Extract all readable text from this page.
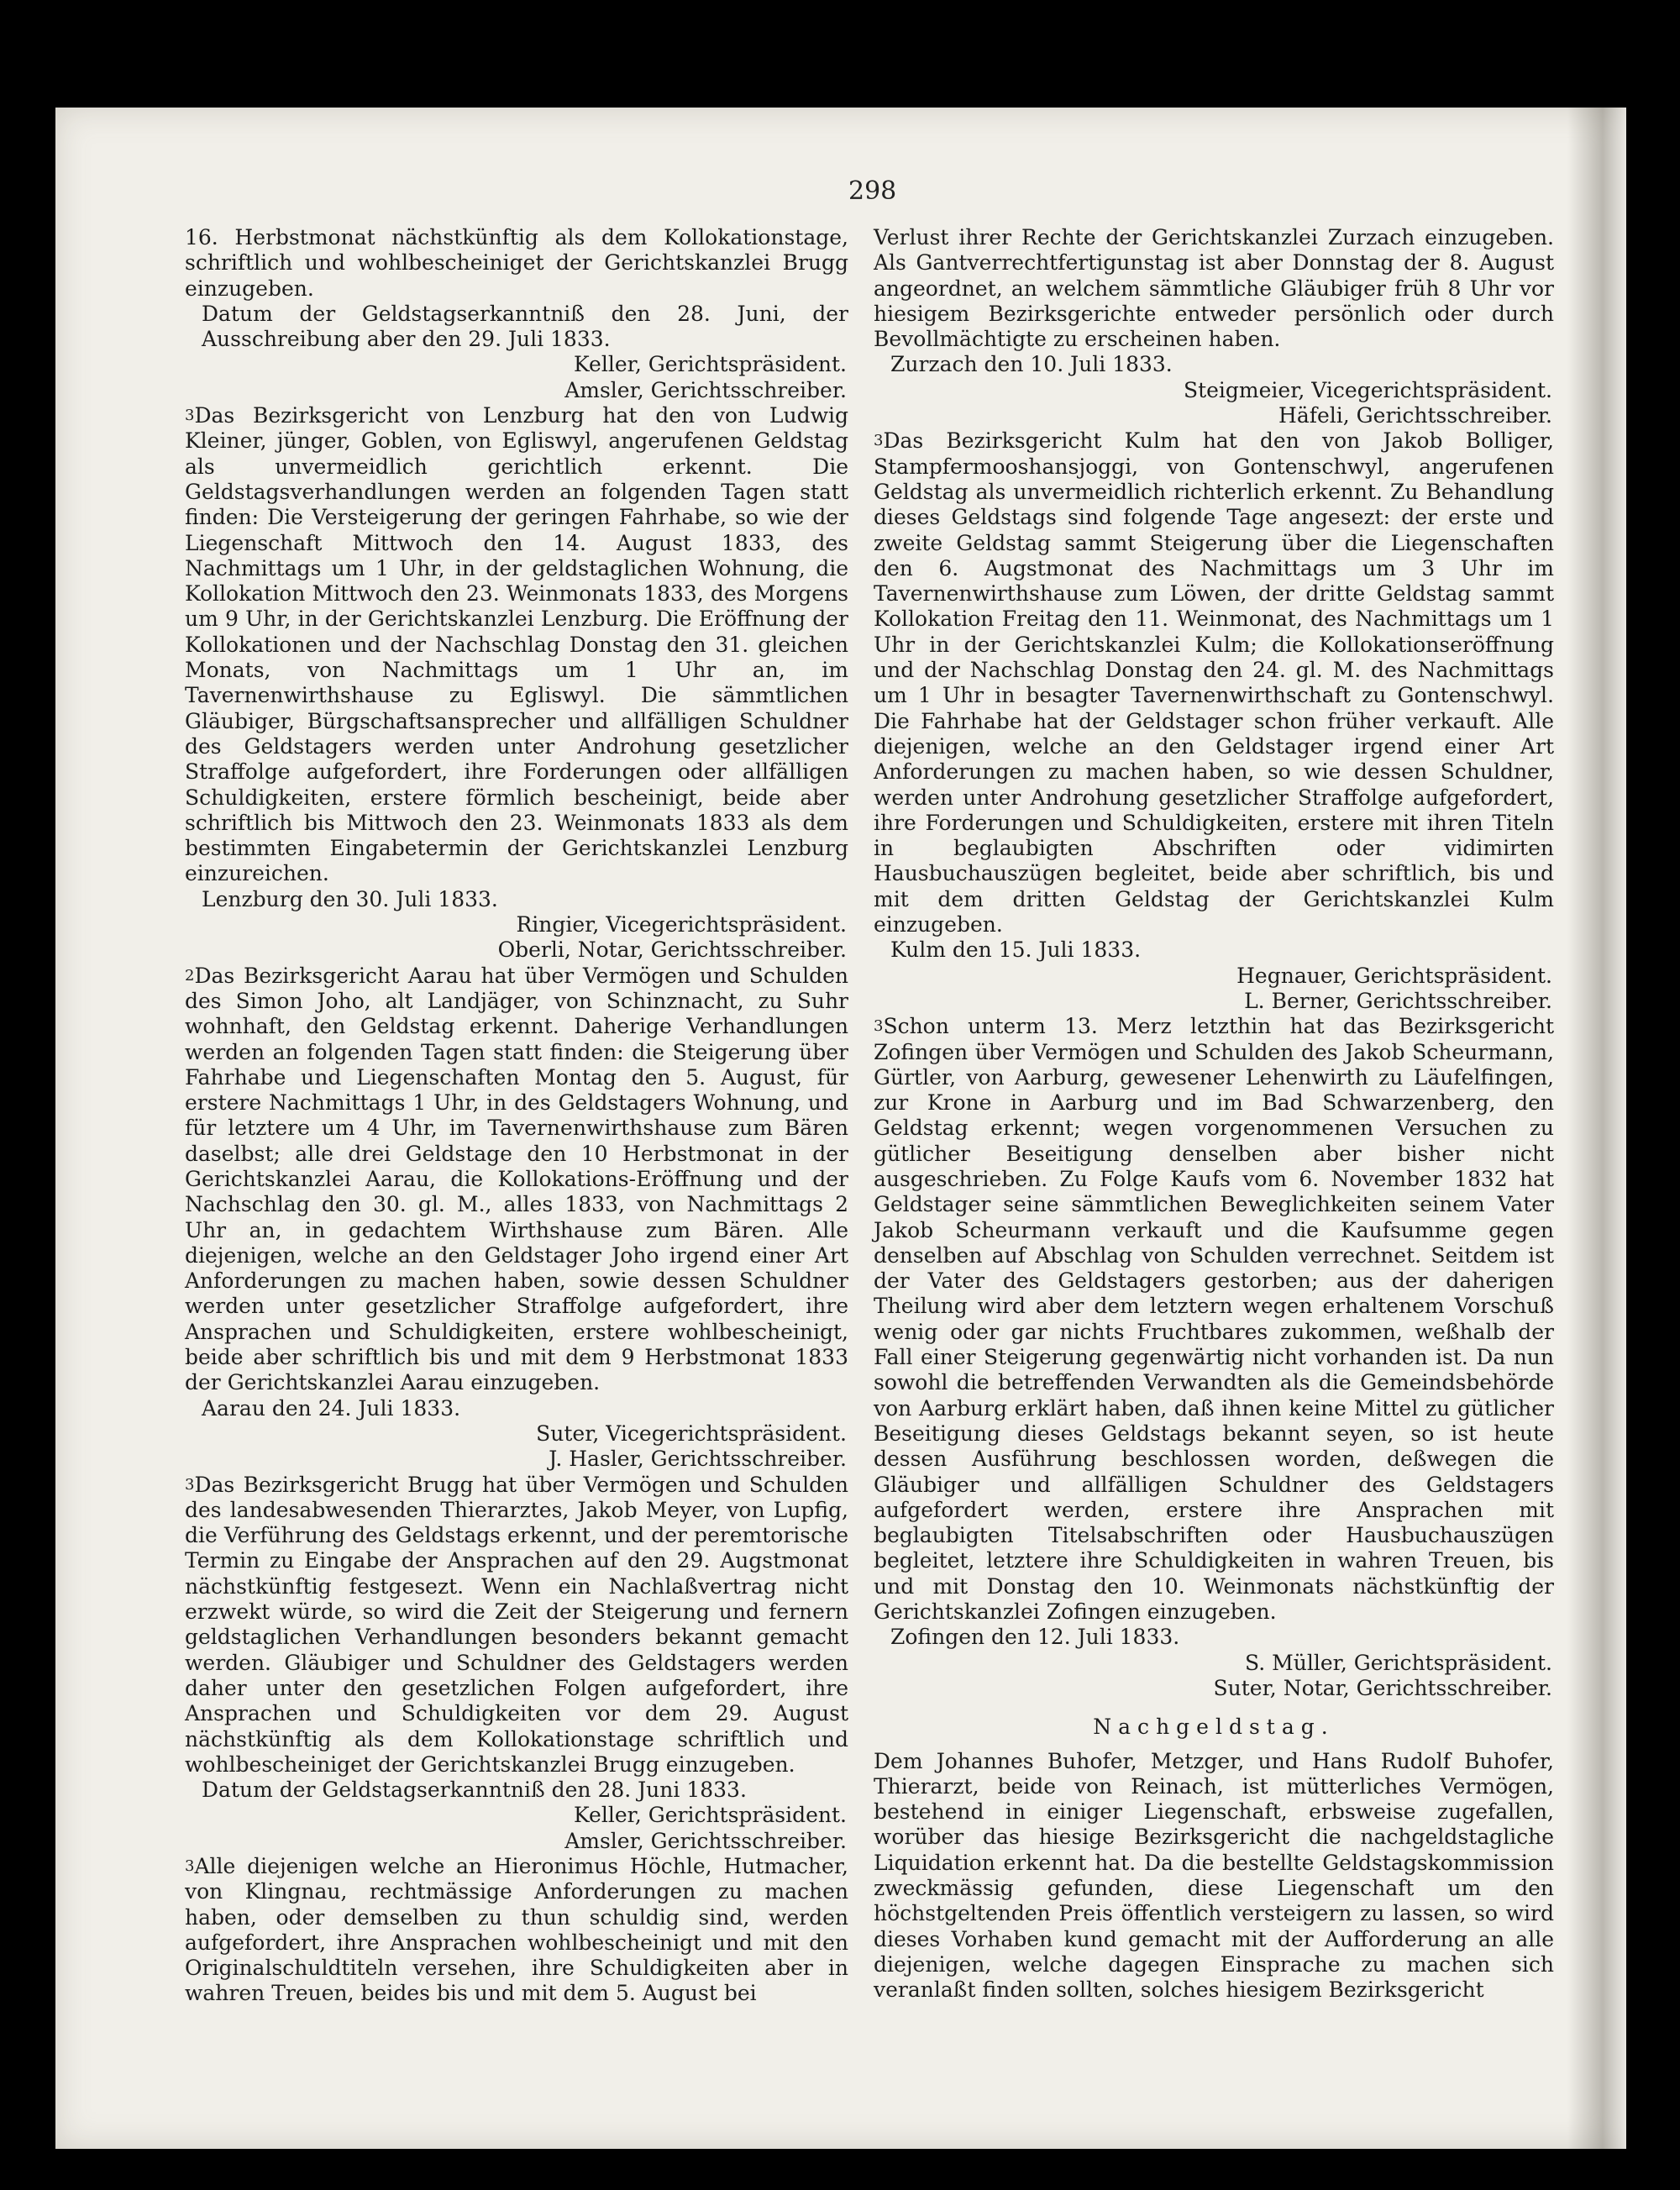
298

16. Herbstmonat nächstkünftig als dem Kollokationstage, schriftlich und wohlbescheiniget der Gerichtskanzlei Brugg einzugeben.

Datum der Geldstagserkanntniß den 28. Juni, der Ausschreibung aber den 29. Juli 1833.

Keller, Gerichtspräsident.
Amsler, Gerichtsschreiber.

$^3$Das Bezirksgericht von Lenzburg hat den von Ludwig Kleiner, jünger, Goblen, von Egliswyl, angerufenen Geldstag als unvermeidlich gerichtlich erkennt. Die Geldstagsverhandlungen werden an folgenden Tagen statt finden: Die Versteigerung der geringen Fahrhabe, so wie der Liegenschaft Mittwoch den 14. August 1833, des Nachmittags um 1 Uhr, in der geldstaglichen Wohnung, die Kollokation Mittwoch den 23. Weinmonats 1833, des Morgens um 9 Uhr, in der Gerichtskanzlei Lenzburg. Die Eröffnung der Kollokationen und der Nachschlag Donstag den 31. gleichen Monats, von Nachmittags um 1 Uhr an, im Tavernenwirthshause zu Egliswyl. Die sämmtlichen Gläubiger, Bürgschaftsansprecher und allfälligen Schuldner des Geldstagers werden unter Androhung gesetzlicher Straffolge aufgefordert, ihre Forderungen oder allfälligen Schuldigkeiten, erstere förmlich bescheinigt, beide aber schriftlich bis Mittwoch den 23. Weinmonats 1833 als dem bestimmten Eingabetermin der Gerichtskanzlei Lenzburg einzureichen.

Lenzburg den 30. Juli 1833.
Ringier, Vicegerichtspräsident.
Oberli, Notar, Gerichtsschreiber.

$^2$Das Bezirksgericht Aarau hat über Vermögen und Schulden des Simon Joho, alt Landjäger, von Schinznacht, zu Suhr wohnhaft, den Geldstag erkennt. Daherige Verhandlungen werden an folgenden Tagen statt finden: die Steigerung über Fahrhabe und Liegenschaften Montag den 5. August, für erstere Nachmittags 1 Uhr, in des Geldstagers Wohnung, und für letztere um 4 Uhr, im Tavernenwirthshause zum Bären daselbst; alle drei Geldstage den 10 Herbstmonat in der Gerichtskanzlei Aarau, die Kollokations-Eröffnung und der Nachschlag den 30. gl. M., alles 1833, von Nachmittags 2 Uhr an, in gedachtem Wirthshause zum Bären. Alle diejenigen, welche an den Geldstager Joho irgend einer Art Anforderungen zu machen haben, sowie dessen Schuldner werden unter gesetzlicher Straffolge aufgefordert, ihre Ansprachen und Schuldigkeiten, erstere wohlbescheinigt, beide aber schriftlich bis und mit dem 9 Herbstmonat 1833 der Gerichtskanzlei Aarau einzugeben.

Aarau den 24. Juli 1833.
Suter, Vicegerichtspräsident.
J. Hasler, Gerichtsschreiber.

$^3$Das Bezirksgericht Brugg hat über Vermögen und Schulden des landesabwesenden Thierarztes, Jakob Meyer, von Lupfig, die Verführung des Geldstags erkennt, und der peremtorische Termin zu Eingabe der Ansprachen auf den 29. Augstmonat nächstkünftig festgesezt. Wenn ein Nachlaßvertrag nicht erzwekt würde, so wird die Zeit der Steigerung und fernern geldstaglichen Verhandlungen besonders bekannt gemacht werden. Gläubiger und Schuldner des Geldstagers werden daher unter den gesetzlichen Folgen aufgefordert, ihre Ansprachen und Schuldigkeiten vor dem 29. August nächstkünftig als dem Kollokationstage schriftlich und wohlbescheiniget der Gerichtskanzlei Brugg einzugeben.

Datum der Geldstagserkanntniß den 28. Juni 1833.
Keller, Gerichtspräsident.
Amsler, Gerichtsschreiber.

$^3$Alle diejenigen welche an Hieronimus Höchle, Hutmacher, von Klingnau, rechtmässige Anforderungen zu machen haben, oder demselben zu thun schuldig sind, werden aufgefordert, ihre Ansprachen wohlbescheinigt und mit den Originalschuldtiteln versehen, ihre Schuldigkeiten aber in wahren Treuen, beides bis und mit dem 5. August bei

Verlust ihrer Rechte der Gerichtskanzlei Zurzach einzugeben. Als Gantverrechtfertigunstag ist aber Donnstag der 8. August angeordnet, an welchem sämmtliche Gläubiger früh 8 Uhr vor hiesigem Bezirksgerichte entweder persönlich oder durch Bevollmächtigte zu erscheinen haben.

Zurzach den 10. Juli 1833.
Steigmeier, Vicegerichtspräsident.
Häfeli, Gerichtsschreiber.

$^3$Das Bezirksgericht Kulm hat den von Jakob Bolliger, Stampfermooshansjoggi, von Gontenschwyl, angerufenen Geldstag als unvermeidlich richterlich erkennt. Zu Behandlung dieses Geldstags sind folgende Tage angesezt: der erste und zweite Geldstag sammt Steigerung über die Liegenschaften den 6. Augstmonat des Nachmittags um 3 Uhr im Tavernenwirthshause zum Löwen, der dritte Geldstag sammt Kollokation Freitag den 11. Weinmonat, des Nachmittags um 1 Uhr in der Gerichtskanzlei Kulm; die Kollokationseröffnung und der Nachschlag Donstag den 24. gl. M. des Nachmittags um 1 Uhr in besagter Tavernenwirthschaft zu Gontenschwyl. Die Fahrhabe hat der Geldstager schon früher verkauft. Alle diejenigen, welche an den Geldstager irgend einer Art Anforderungen zu machen haben, so wie dessen Schuldner, werden unter Androhung gesetzlicher Straffolge aufgefordert, ihre Forderungen und Schuldigkeiten, erstere mit ihren Titeln in beglaubigten Abschriften oder vidimirten Hausbuchauszügen begleitet, beide aber schriftlich, bis und mit dem dritten Geldstag der Gerichtskanzlei Kulm einzugeben.

Kulm den 15. Juli 1833.
Hegnauer, Gerichtspräsident.
L. Berner, Gerichtsschreiber.

$^3$Schon unterm 13. Merz letzthin hat das Bezirksgericht Zofingen über Vermögen und Schulden des Jakob Scheurmann, Gürtler, von Aarburg, gewesener Lehenwirth zu Läufelfingen, zur Krone in Aarburg und im Bad Schwarzenberg, den Geldstag erkennt; wegen vorgenommenen Versuchen zu gütlicher Beseitigung denselben aber bisher nicht ausgeschrieben. Zu Folge Kaufs vom 6. November 1832 hat Geldstager seine sämmtlichen Beweglichkeiten seinem Vater Jakob Scheurmann verkauft und die Kaufsumme gegen denselben auf Abschlag von Schulden verrechnet. Seitdem ist der Vater des Geldstagers gestorben; aus der daherigen Theilung wird aber dem letztern wegen erhaltenem Vorschuß wenig oder gar nichts Fruchtbares zukommen, weßhalb der Fall einer Steigerung gegenwärtig nicht vorhanden ist. Da nun sowohl die betreffenden Verwandten als die Gemeindsbehörde von Aarburg erklärt haben, daß ihnen keine Mittel zu gütlicher Beseitigung dieses Geldstags bekannt seyen, so ist heute dessen Ausführung beschlossen worden, deßwegen die Gläubiger und allfälligen Schuldner des Geldstagers aufgefordert werden, erstere ihre Ansprachen mit beglaubigten Titelsabschriften oder Hausbuchauszügen begleitet, letztere ihre Schuldigkeiten in wahren Treuen, bis und mit Donstag den 10. Weinmonats nächstkünftig der Gerichtskanzlei Zofingen einzugeben.

Zofingen den 12. Juli 1833.
S. Müller, Gerichtspräsident.
Suter, Notar, Gerichtsschreiber.
Nachgeldstag.

Dem Johannes Buhofer, Metzger, und Hans Rudolf Buhofer, Thierarzt, beide von Reinach, ist mütterliches Vermögen, bestehend in einiger Liegenschaft, erbsweise zugefallen, worüber das hiesige Bezirksgericht die nachgeldstagliche Liquidation erkennt hat. Da die bestellte Geldstagskommission zweckmässig gefunden, diese Liegenschaft um den höchstgeltenden Preis öffentlich versteigern zu lassen, so wird dieses Vorhaben kund gemacht mit der Aufforderung an alle diejenigen, welche dagegen Einsprache zu machen sich veranlaßt finden sollten, solches hiesigem Bezirksgericht
